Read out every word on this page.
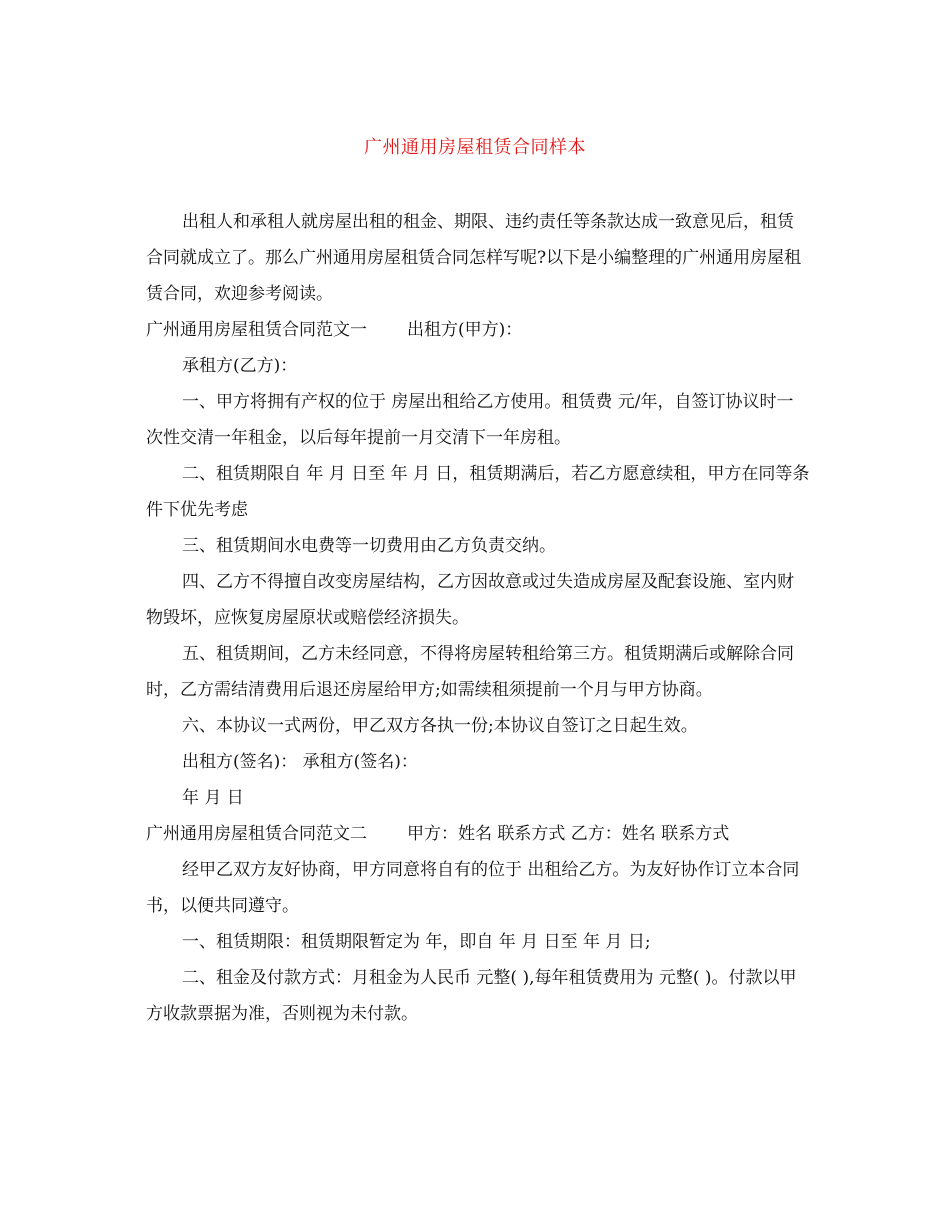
广州通用房屋租赁合同样本

出租人和承租人就房屋出租的租金、期限、违约责任等条款达成一致意见后，租赁合同就成立了。那么广州通用房屋租赁合同怎样写呢?以下是小编整理的广州通用房屋租赁合同，欢迎参考阅读。

广州通用房屋租赁合同范文一 出租方(甲方)：

承租方(乙方)：

一、甲方将拥有产权的位于 房屋出租给乙方使用。租赁费 元/年，自签订协议时一次性交清一年租金，以后每年提前一月交清下一年房租。

二、租赁期限自 年 月 日至 年 月 日，租赁期满后，若乙方愿意续租，甲方在同等条件下优先考虑

三、租赁期间水电费等一切费用由乙方负责交纳。

四、乙方不得擅自改变房屋结构，乙方因故意或过失造成房屋及配套设施、室内财物毁坏，应恢复房屋原状或赔偿经济损失。

五、租赁期间，乙方未经同意，不得将房屋转租给第三方。租赁期满后或解除合同时，乙方需结清费用后退还房屋给甲方;如需续租须提前一个月与甲方协商。

六、本协议一式两份，甲乙双方各执一份;本协议自签订之日起生效。

出租方(签名)： 承租方(签名)：

年 月 日

广州通用房屋租赁合同范文二 甲方：姓名 联系方式 乙方：姓名 联系方式

经甲乙双方友好协商，甲方同意将自有的位于 出租给乙方。为友好协作订立本合同书，以便共同遵守。

一、租赁期限：租赁期限暂定为 年，即自 年 月 日至 年 月 日;

二、租金及付款方式：月租金为人民币 元整( ),每年租赁费用为 元整( )。付款以甲方收款票据为准，否则视为未付款。
